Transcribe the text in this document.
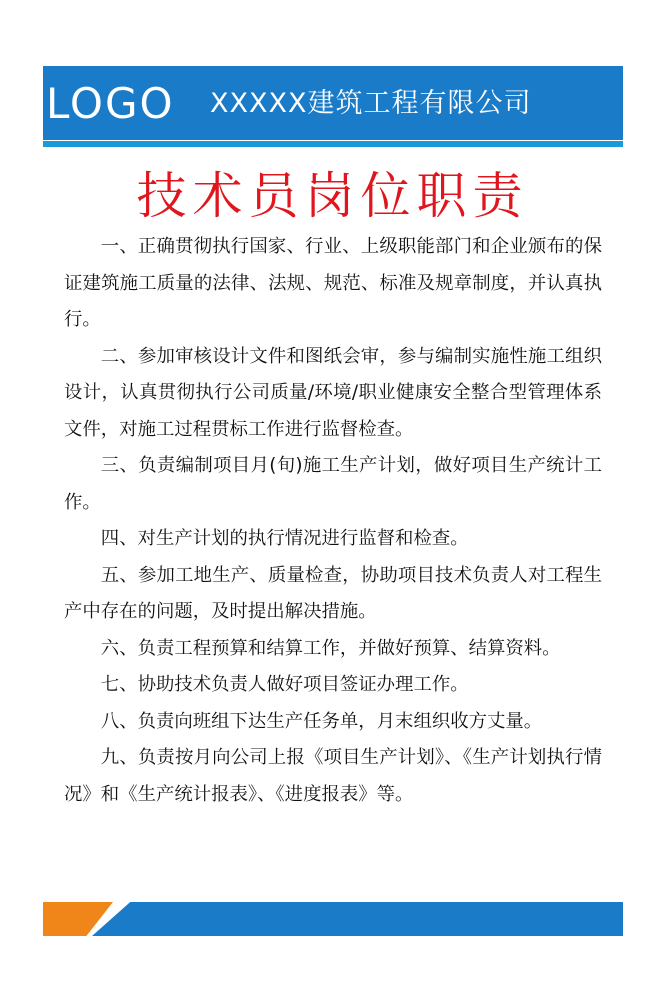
LOGO XXXXX建筑工程有限公司
技术员岗位职责

一、正确贯彻执行国家、行业、上级职能部门和企业颁布的保证建筑施工质量的法律、法规、规范、标准及规章制度，并认真执行。

二、参加审核设计文件和图纸会审，参与编制实施性施工组织设计，认真贯彻执行公司质量/环境/职业健康安全整合型管理体系文件，对施工过程贯标工作进行监督检查。

三、负责编制项目月(旬)施工生产计划，做好项目生产统计工作。

四、对生产计划的执行情况进行监督和检查。

五、参加工地生产、质量检查，协助项目技术负责人对工程生产中存在的问题，及时提出解决措施。

六、负责工程预算和结算工作，并做好预算、结算资料。

七、协助技术负责人做好项目签证办理工作。

八、负责向班组下达生产任务单，月末组织收方丈量。

九、负责按月向公司上报《项目生产计划》、《生产计划执行情况》和《生产统计报表》、《进度报表》等。
